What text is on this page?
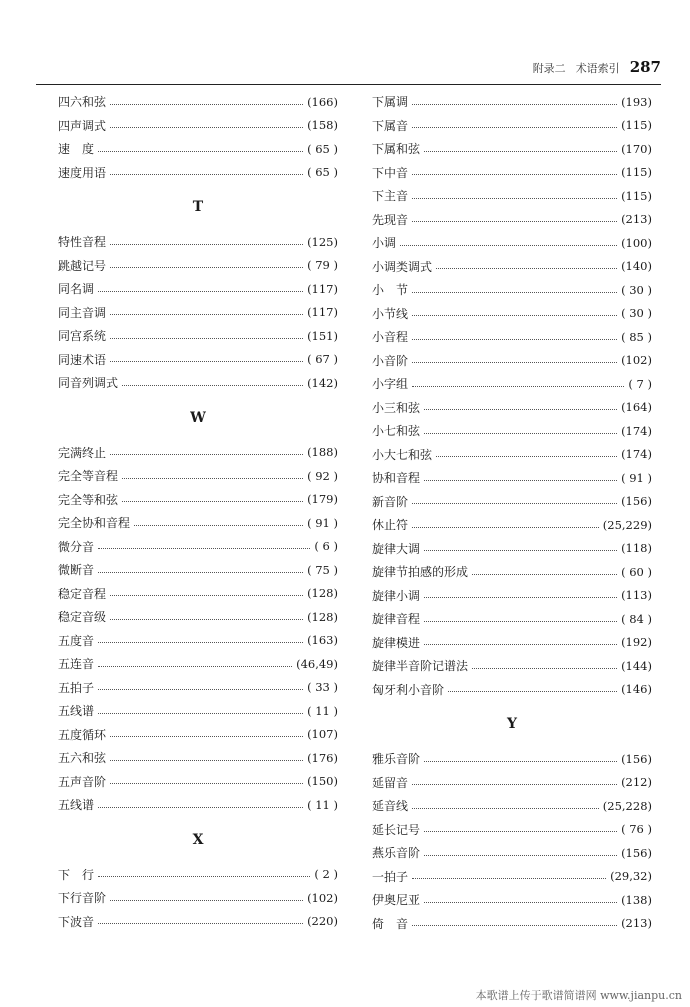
附录二 术语索引 287
四六和弦	(166)
四声调式	(158)
速　度	( 65 )
速度用语	( 65 )
T
特性音程	(125)
跳越记号	( 79 )
同名调	(117)
同主音调	(117)
同宫系统	(151)
同速术语	( 67 )
同音列调式	(142)
W
完满终止	(188)
完全等音程	( 92 )
完全等和弦	(179)
完全协和音程	( 91 )
微分音	( 6 )
微断音	( 75 )
稳定音程	(128)
稳定音级	(128)
五度音	(163)
五连音	(46,49)
五拍子	( 33 )
五线谱	( 11 )
五度循环	(107)
五六和弦	(176)
五声音阶	(150)
五线谱	( 11 )
X
下　行	( 2 )
下行音阶	(102)
下波音	(220)
下属调	(193)
下属音	(115)
下属和弦	(170)
下中音	(115)
下主音	(115)
先现音	(213)
小调	(100)
小调类调式	(140)
小　节	( 30 )
小节线	( 30 )
小音程	( 85 )
小音阶	(102)
小字组	( 7 )
小三和弦	(164)
小七和弦	(174)
小大七和弦	(174)
协和音程	( 91 )
新音阶	(156)
休止符	(25,229)
旋律大调	(118)
旋律节拍感的形成	( 60 )
旋律小调	(113)
旋律音程	( 84 )
旋律模进	(192)
旋律半音阶记谱法	(144)
匈牙利小音阶	(146)
Y
雅乐音阶	(156)
延留音	(212)
延音线	(25,228)
延长记号	( 76 )
燕乐音阶	(156)
一拍子	(29,32)
伊奥尼亚	(138)
倚　音	(213)
本歌谱上传于歌谱简谱网 www.jianpu.cn
